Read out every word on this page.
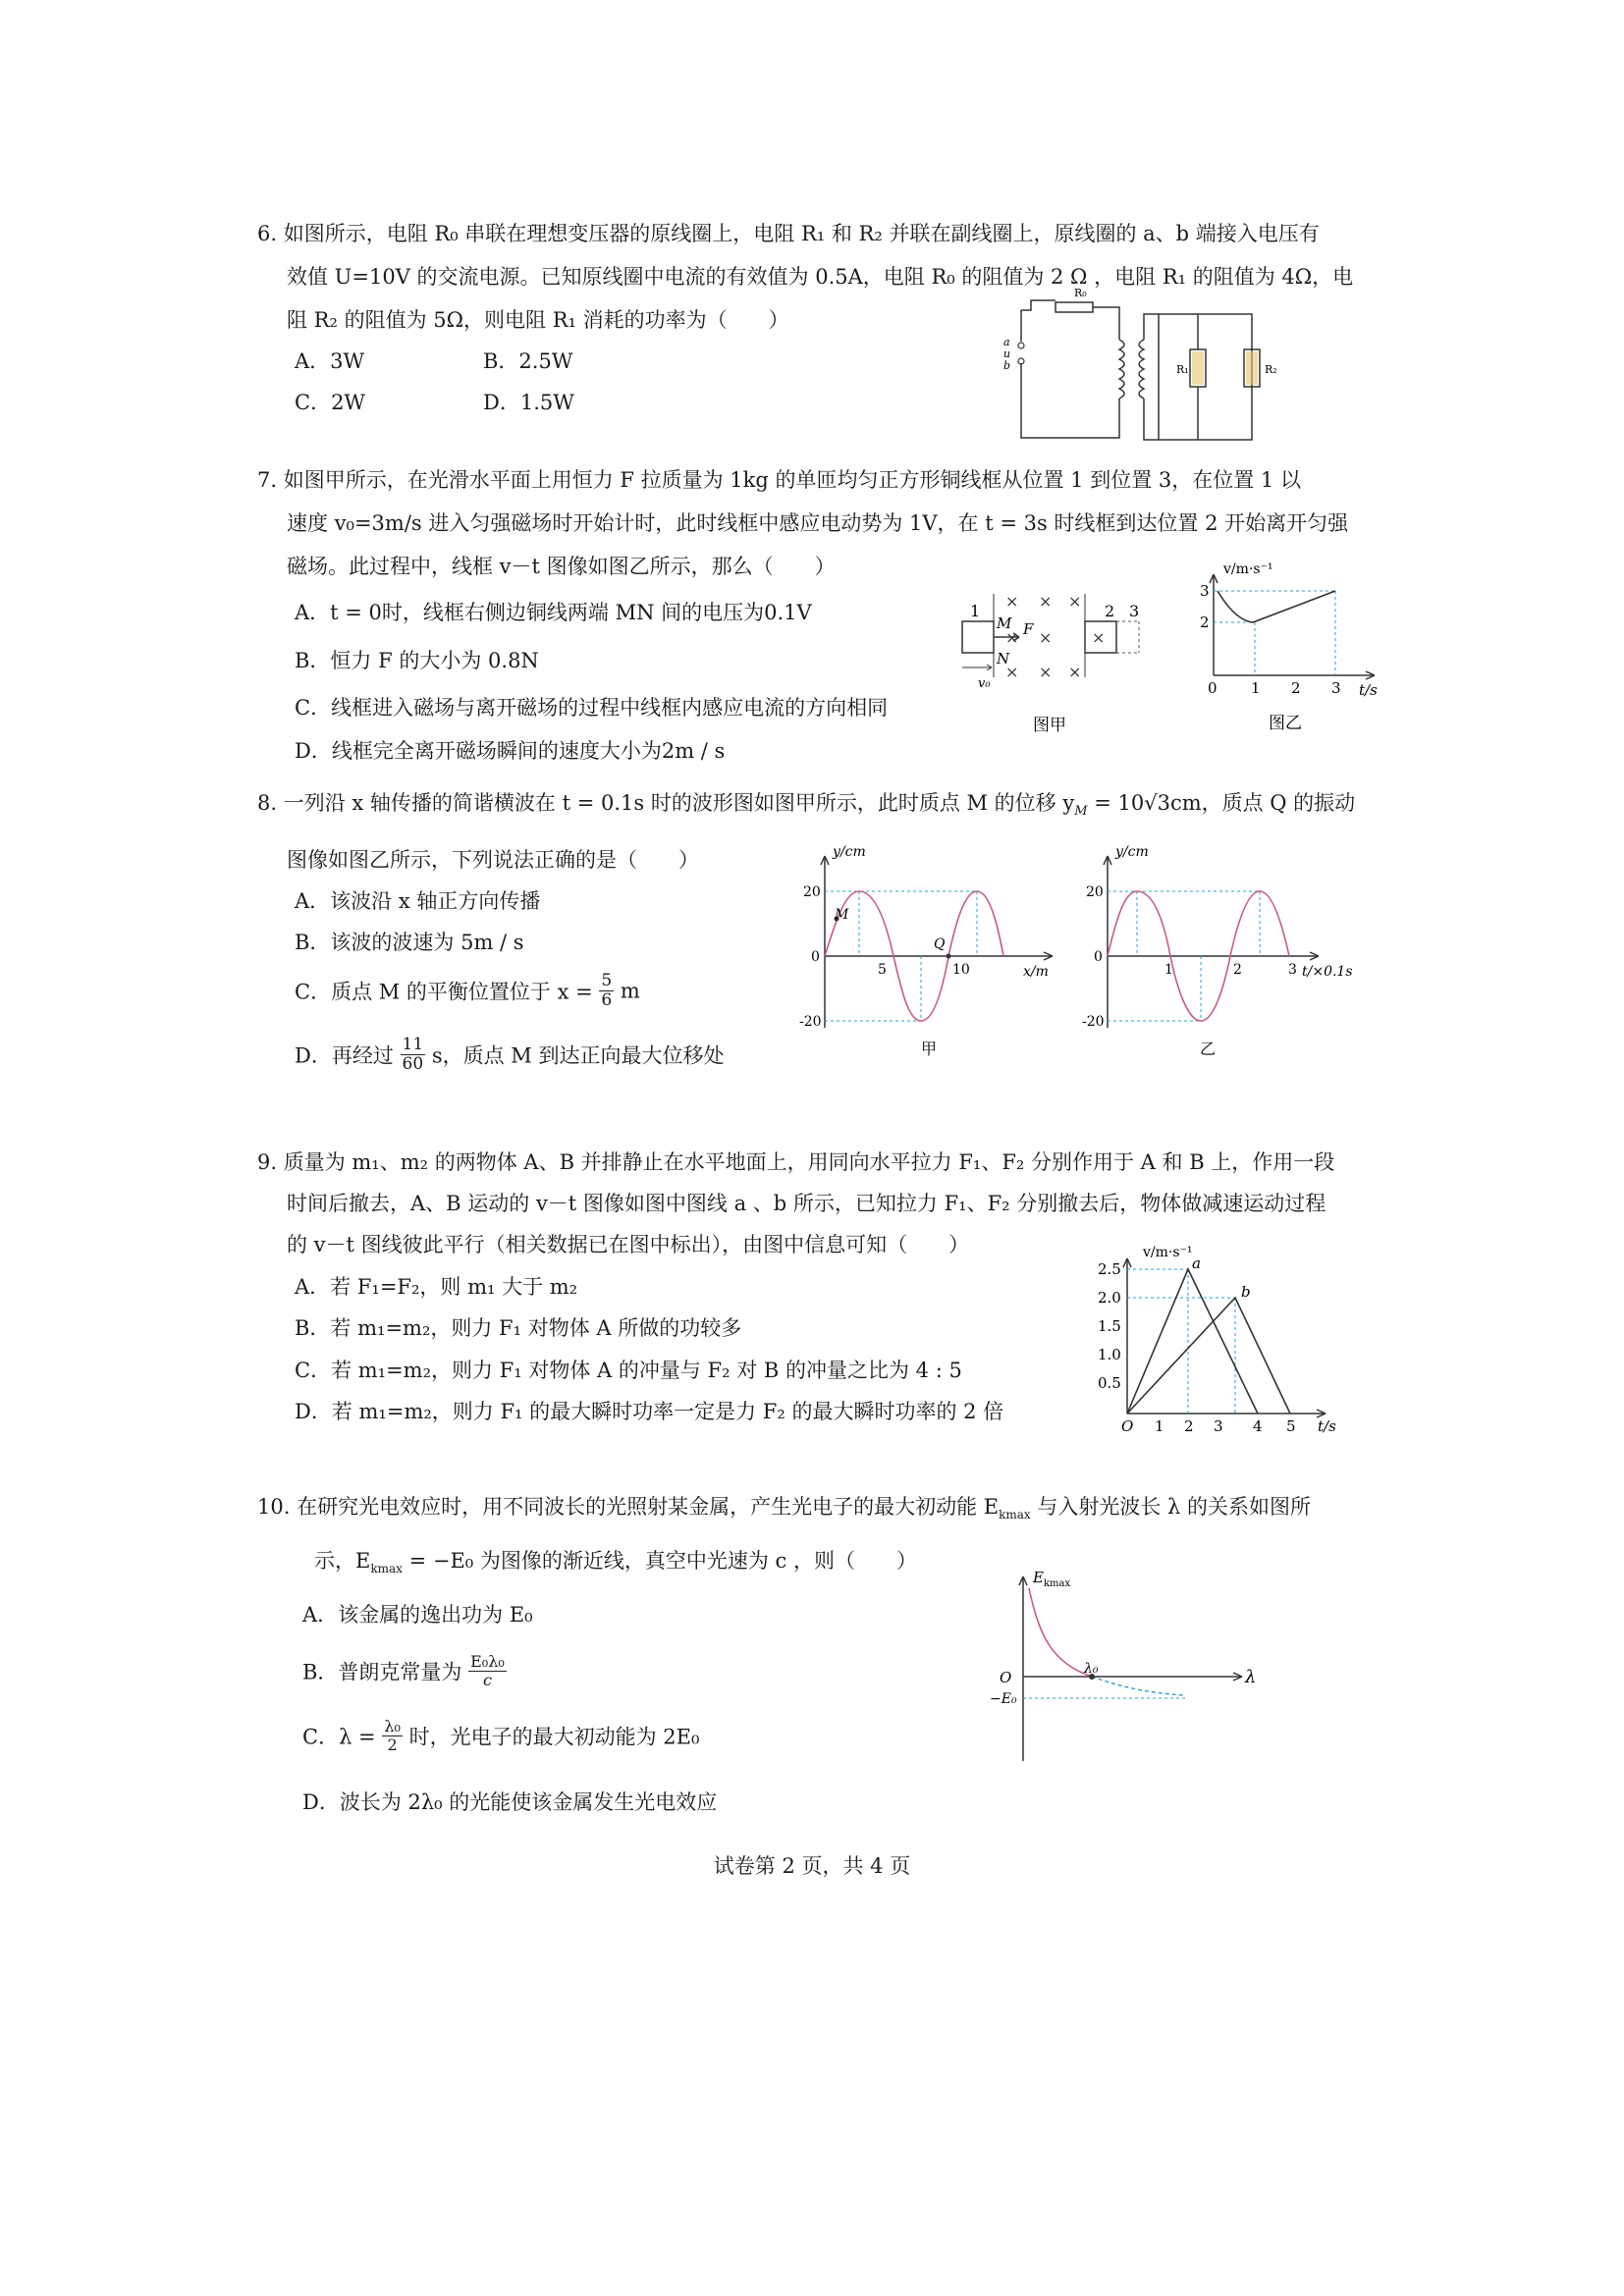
6. 如图所示，电阻 R₀ 串联在理想变压器的原线圈上，电阻 R₁ 和 R₂ 并联在副线圈上，原线圈的 a、b 端接入电压有
效值 U=10V 的交流电源。已知原线圈中电流的有效值为 0.5A，电阻 R₀ 的阻值为 2 Ω ，电阻 R₁ 的阻值为 4Ω，电
阻 R₂ 的阻值为 5Ω，则电阻 R₁ 消耗的功率为（　　）
A．3W	B．2.5W
C．2W	D．1.5W
R₀
R₁	R₂
a
u
b
7. 如图甲所示，在光滑水平面上用恒力 F 拉质量为 1kg 的单匝均匀正方形铜线框从位置 1 到位置 3，在位置 1 以
速度 v₀=3m/s 进入匀强磁场时开始计时，此时线框中感应电动势为 1V，在 t = 3s 时线框到达位置 2 开始离开匀强
磁场。此过程中，线框 v－t 图像如图乙所示，那么（　　）
A．t = 0时，线框右侧边铜线两端 MN 间的电压为0.1V
B．恒力 F 的大小为 0.8N
C．线框进入磁场与离开磁场的过程中线框内感应电流的方向相同
D．线框完全离开磁场瞬间的速度大小为2m / s
× × ×
× ×	×
× × ×
1	2 3
M
N
F
v₀
图甲
v/m·s⁻¹
t/s
3
2
0 1 2 3
图乙
8. 一列沿 x 轴传播的简谐横波在 t = 0.1s 时的波形图如图甲所示，此时质点 M 的位移 $y_M = 10√3cm$，质点 Q 的振动
图像如图乙所示，下列说法正确的是（　　）
A．该波沿 x 轴正方向传播
B．该波的波速为 5m / s
C．质点 M 的平衡位置位于 $x = \frac{5}{6}$ m
D．再经过 $\frac{11}{60}$ s，质点 M 到达正向最大位移处
y/cm
x/m
20
0
-20
5	10
M
Q
甲
y/cm
t/×0.1s
20
0
-20
1	2	3
乙
9. 质量为 m₁、m₂ 的两物体 A、B 并排静止在水平地面上，用同向水平拉力 F₁、F₂ 分别作用于 A 和 B 上，作用一段
时间后撤去，A、B 运动的 v－t 图像如图中图线 a 、b 所示，已知拉力 F₁、F₂ 分别撤去后，物体做减速运动过程
的 v－t 图线彼此平行（相关数据已在图中标出），由图中信息可知（　　）
A．若 F₁=F₂，则 m₁ 大于 m₂
B．若 m₁=m₂，则力 F₁ 对物体 A 所做的功较多
C．若 m₁=m₂，则力 F₁ 对物体 A 的冲量与 F₂ 对 B 的冲量之比为 4 : 5
D．若 m₁=m₂，则力 F₁ 的最大瞬时功率一定是力 F₂ 的最大瞬时功率的 2 倍
v/m·s⁻¹
t/s
O
2.5
2.0
1.5
1.0
0.5
1 2 3 4 5
a
b
10. 在研究光电效应时，用不同波长的光照射某金属，产生光电子的最大初动能 $E_{kmax}$ 与入射光波长 λ 的关系如图所
示，$E_{kmax} = -E_0$ 为图像的渐近线，真空中光速为 c ，则（　　）
A．该金属的逸出功为 E₀
B．普朗克常量为 $\frac{\text{E₀λ₀}}{c}$
C．$\lambda = \frac{\text{λ₀}}{2}$ 时，光电子的最大初动能为 2E₀
D．波长为 2λ₀ 的光能使该金属发生光电效应
E kmax
λ
O
−E₀
λ₀
试卷第 2 页，共 4 页
